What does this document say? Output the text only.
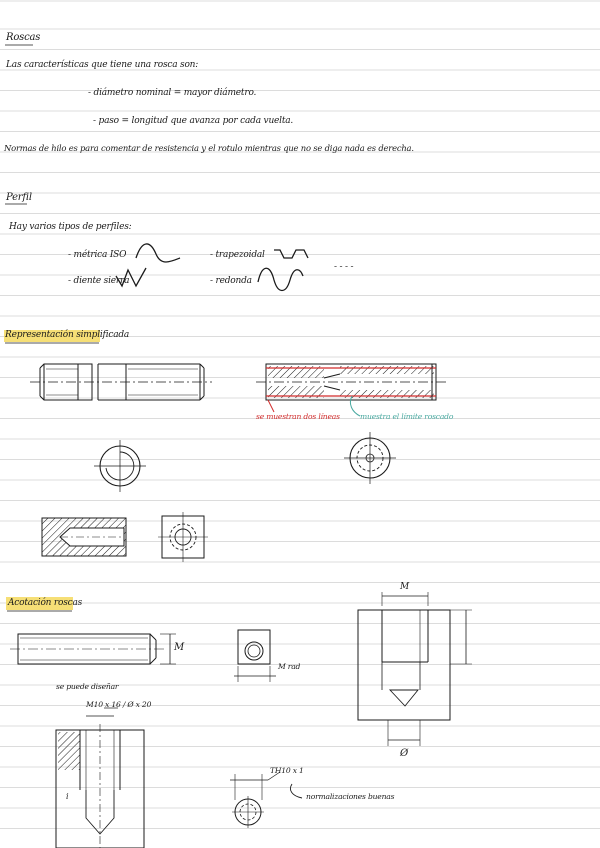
Roscas
Las características que tiene una rosca son:
- diámetro nominal = mayor diámetro.
- paso = longitud que avanza por cada vuelta.
Normas de hilo es para comentar de resistencia y el rotulo mientras que no se diga nada es derecha.
Perfil
Hay varios tipos de perfiles:
- métrica ISO	- trapezoidal
- diente sierra	- redonda
- - - -
Representación simplificada
se muestran dos líneas	muestra el límite roscado
Acotación roscas
M
M rad
M
Ø
se puede diseñar
M10 x 16 / Ø x 20
i
TH10 x 1
normalizaciones buenas
